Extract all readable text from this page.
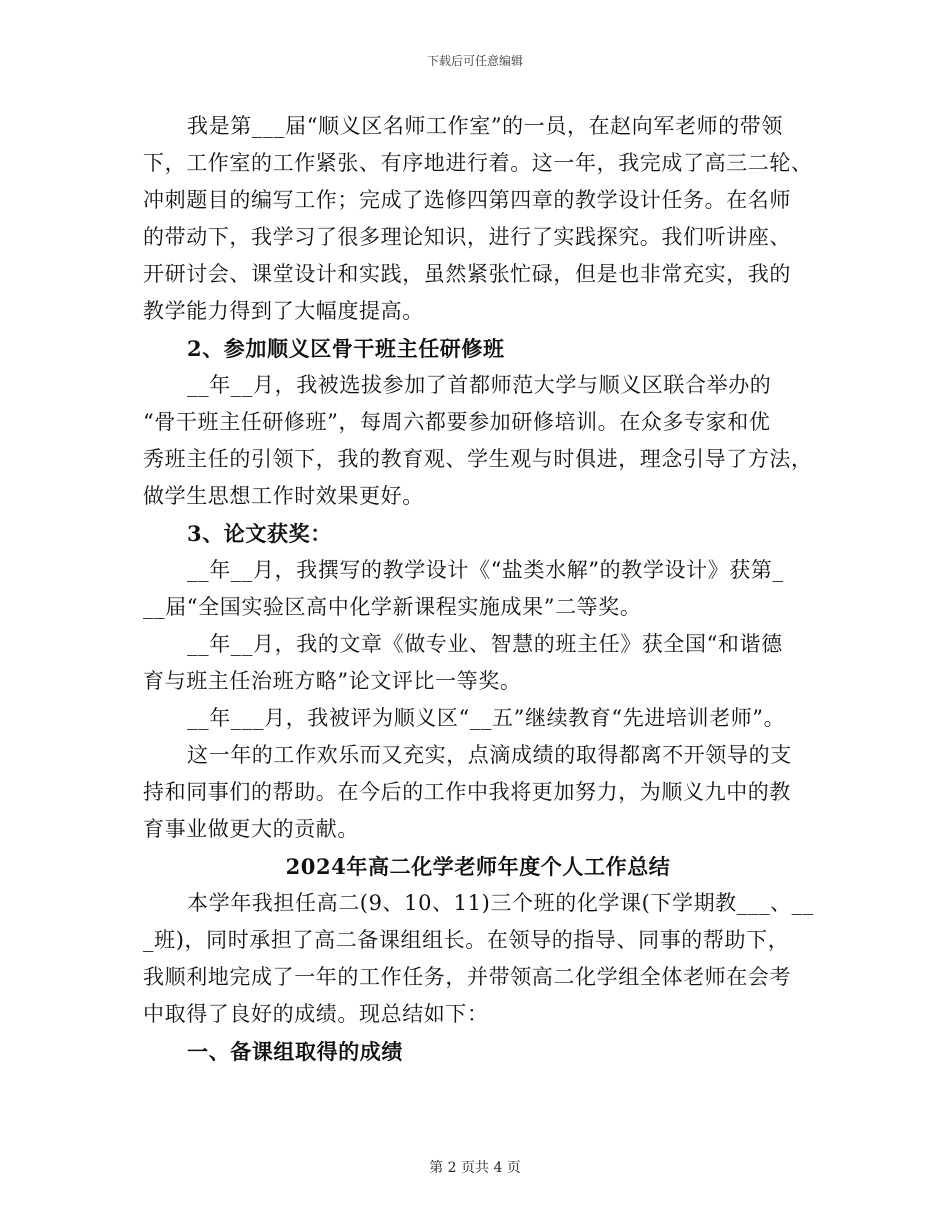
下载后可任意编辑
我是第___届“顺义区名师工作室”的一员，在赵向军老师的带领
下，工作室的工作紧张、有序地进行着。这一年，我完成了高三二轮、
冲刺题目的编写工作；完成了选修四第四章的教学设计任务。在名师
的带动下，我学习了很多理论知识，进行了实践探究。我们听讲座、
开研讨会、课堂设计和实践，虽然紧张忙碌，但是也非常充实，我的
教学能力得到了大幅度提高。
2、参加顺义区骨干班主任研修班
__年__月，我被选拔参加了首都师范大学与顺义区联合举办的
“骨干班主任研修班”，每周六都要参加研修培训。在众多专家和优
秀班主任的引领下，我的教育观、学生观与时俱进，理念引导了方法，
做学生思想工作时效果更好。
3、论文获奖：
__年__月，我撰写的教学设计《“盐类水解”的教学设计》获第_
__届“全国实验区高中化学新课程实施成果”二等奖。
__年__月，我的文章《做专业、智慧的班主任》获全国“和谐德
育与班主任治班方略”论文评比一等奖。
__年___月，我被评为顺义区“__五”继续教育“先进培训老师”。
这一年的工作欢乐而又充实，点滴成绩的取得都离不开领导的支
持和同事们的帮助。在今后的工作中我将更加努力，为顺义九中的教
育事业做更大的贡献。
2024年高二化学老师年度个人工作总结
本学年我担任高二(9、10、11)三个班的化学课(下学期教___、__
_班)，同时承担了高二备课组组长。在领导的指导、同事的帮助下，
我顺利地完成了一年的工作任务，并带领高二化学组全体老师在会考
中取得了良好的成绩。现总结如下：
一、备课组取得的成绩
第 2 页共 4 页
